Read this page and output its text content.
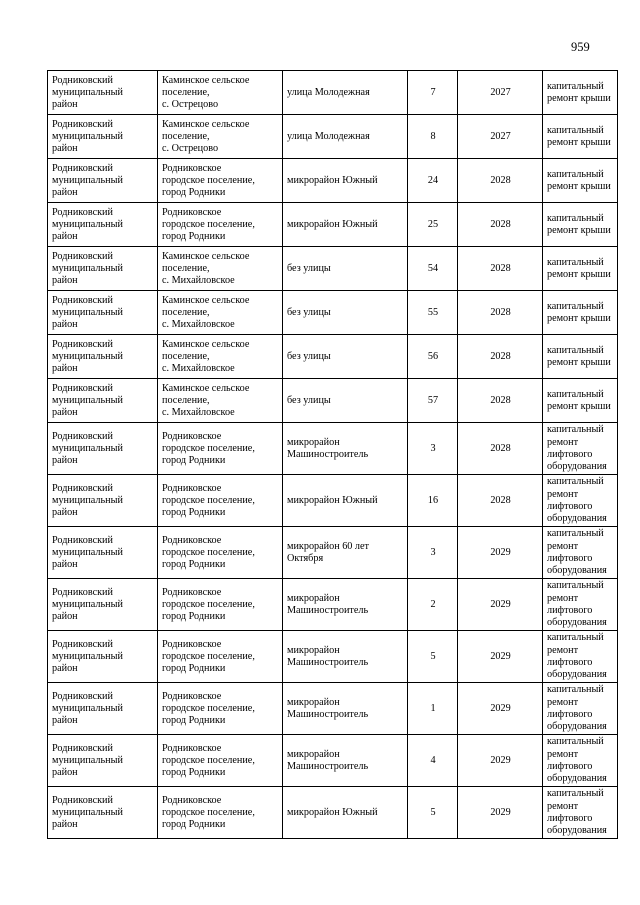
959
Родниковский
муниципальный
район	Каминское сельское
поселение,
с. Острецово	улица Молодежная	7	2027	капитальный
ремонт крыши

Родниковский
муниципальный
район	Каминское сельское
поселение,
с. Острецово	улица Молодежная	8	2027	капитальный
ремонт крыши

Родниковский
муниципальный
район	Родниковское
городское поселение,
город Родники	микрорайон Южный	24	2028	капитальный
ремонт крыши

Родниковский
муниципальный
район	Родниковское
городское поселение,
город Родники	микрорайон Южный	25	2028	капитальный
ремонт крыши

Родниковский
муниципальный
район	Каминское сельское
поселение,
с. Михайловское	без улицы	54	2028	капитальный
ремонт крыши

Родниковский
муниципальный
район	Каминское сельское
поселение,
с. Михайловское	без улицы	55	2028	капитальный
ремонт крыши

Родниковский
муниципальный
район	Каминское сельское
поселение,
с. Михайловское	без улицы	56	2028	капитальный
ремонт крыши

Родниковский
муниципальный
район	Каминское сельское
поселение,
с. Михайловское	без улицы	57	2028	капитальный
ремонт крыши

Родниковский
муниципальный
район	Родниковское
городское поселение,
город Родники	микрорайон
Машиностроитель	3	2028	капитальный
ремонт
лифтового
оборудования

Родниковский
муниципальный
район	Родниковское
городское поселение,
город Родники	микрорайон Южный	16	2028	капитальный
ремонт
лифтового
оборудования

Родниковский
муниципальный
район	Родниковское
городское поселение,
город Родники	микрорайон 60 лет
Октября	3	2029	капитальный
ремонт
лифтового
оборудования

Родниковский
муниципальный
район	Родниковское
городское поселение,
город Родники	микрорайон
Машиностроитель	2	2029	капитальный
ремонт
лифтового
оборудования

Родниковский
муниципальный
район	Родниковское
городское поселение,
город Родники	микрорайон
Машиностроитель	5	2029	капитальный
ремонт
лифтового
оборудования

Родниковский
муниципальный
район	Родниковское
городское поселение,
город Родники	микрорайон
Машиностроитель	1	2029	капитальный
ремонт
лифтового
оборудования

Родниковский
муниципальный
район	Родниковское
городское поселение,
город Родники	микрорайон
Машиностроитель	4	2029	капитальный
ремонт
лифтового
оборудования

Родниковский
муниципальный
район	Родниковское
городское поселение,
город Родники	микрорайон Южный	5	2029	капитальный
ремонт
лифтового
оборудования
